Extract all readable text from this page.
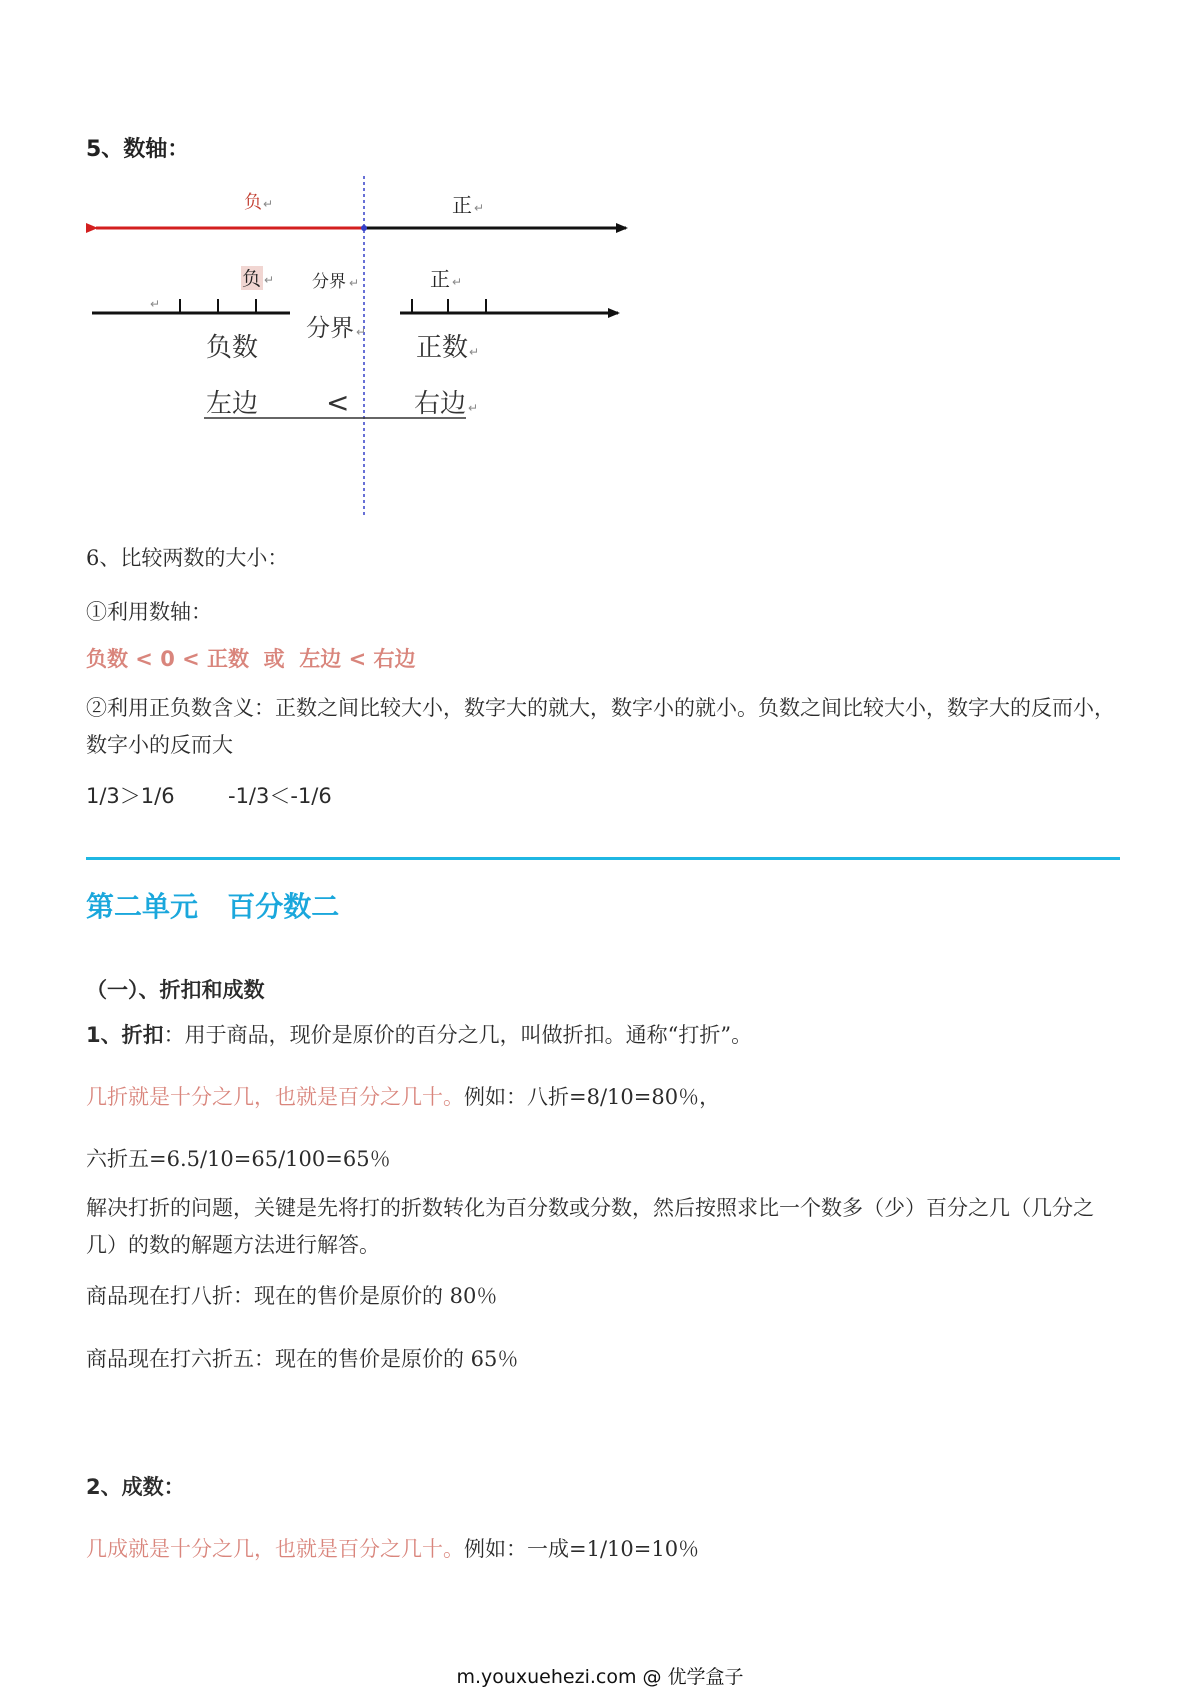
5、数轴：
负 ↵	正 ↵
分界 ↵
负 ↵	正 ↵
↵
分界 ↵
负数	正数 ↵
左边 < 右边 ↵
6、比较两数的大小：
①利用数轴：
负数 < 0 < 正数  或  左边 < 右边
②利用正负数含义：正数之间比较大小，数字大的就大，数字小的就小。负数之间比较大小，数字大的反而小，数字小的反而大
1/3＞1/6        -1/3＜-1/6
第二单元   百分数二
（一）、折扣和成数
1、折扣：用于商品，现价是原价的百分之几，叫做折扣。通称“打折”。
几折就是十分之几，也就是百分之几十。例如：八折=8/10=80％，
六折五=6.5/10=65/100=65％
解决打折的问题，关键是先将打的折数转化为百分数或分数，然后按照求比一个数多（少）百分之几（几分之几）的数的解题方法进行解答。
商品现在打八折：现在的售价是原价的 80％
商品现在打六折五：现在的售价是原价的 65％
2、成数：
几成就是十分之几，也就是百分之几十。例如：一成=1/10=10％
m.youxuehezi.com @ 优学盒子
